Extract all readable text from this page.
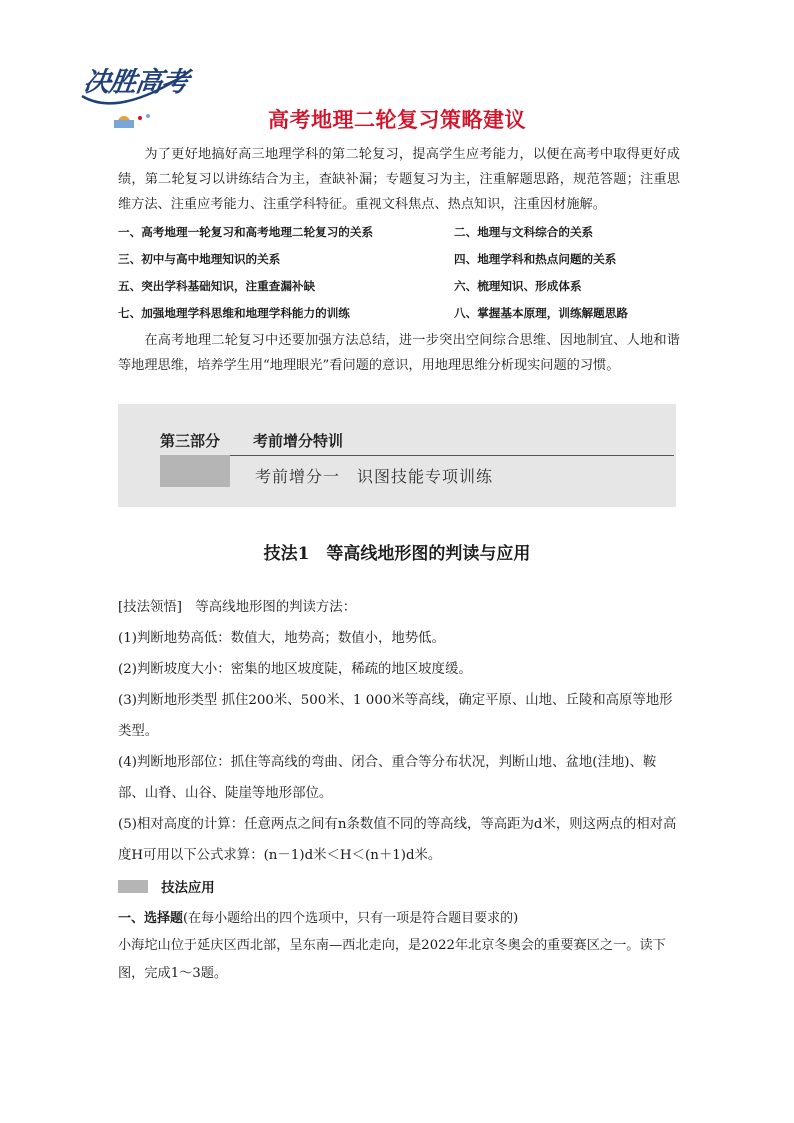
决胜高考
高考地理二轮复习策略建议

为了更好地搞好高三地理学科的第二轮复习，提高学生应考能力，以便在高考中取得更好成绩，第二轮复习以讲练结合为主，查缺补漏；专题复习为主，注重解题思路，规范答题；注重思维方法、注重应考能力、注重学科特征。重视文科焦点、热点知识，注重因材施解。

一、高考地理一轮复习和高考地理二轮复习的关系	二、地理与文科综合的关系
三、初中与高中地理知识的关系	四、地理学科和热点问题的关系
五、突出学科基础知识，注重查漏补缺	六、梳理知识、形成体系
七、加强地理学科思维和地理学科能力的训练	八、掌握基本原理，训练解题思路

在高考地理二轮复习中还要加强方法总结，进一步突出空间综合思维、因地制宜、人地和谐等地理思维，培养学生用“地理眼光”看问题的意识，用地理思维分析现实问题的习惯。

第三部分 考前增分特训
考前增分一　识图技能专项训练
技法1　等高线地形图的判读与应用

[技法领悟]　等高线地形图的判读方法：

(1)判断地势高低：数值大，地势高；数值小，地势低。

(2)判断坡度大小：密集的地区坡度陡，稀疏的地区坡度缓。

(3)判断地形类型 抓住200米、500米、1 000米等高线，确定平原、山地、丘陵和高原等地形类型。

(4)判断地形部位：抓住等高线的弯曲、闭合、重合等分布状况，判断山地、盆地(洼地)、鞍部、山脊、山谷、陡崖等地形部位。

(5)相对高度的计算：任意两点之间有n条数值不同的等高线，等高距为d米，则这两点的相对高度H可用以下公式求算：(n－1)d米＜H＜(n＋1)d米。

技法应用
一、选择题(在每小题给出的四个选项中，只有一项是符合题目要求的)

小海坨山位于延庆区西北部，呈东南—西北走向，是2022年北京冬奥会的重要赛区之一。读下图，完成1～3题。
